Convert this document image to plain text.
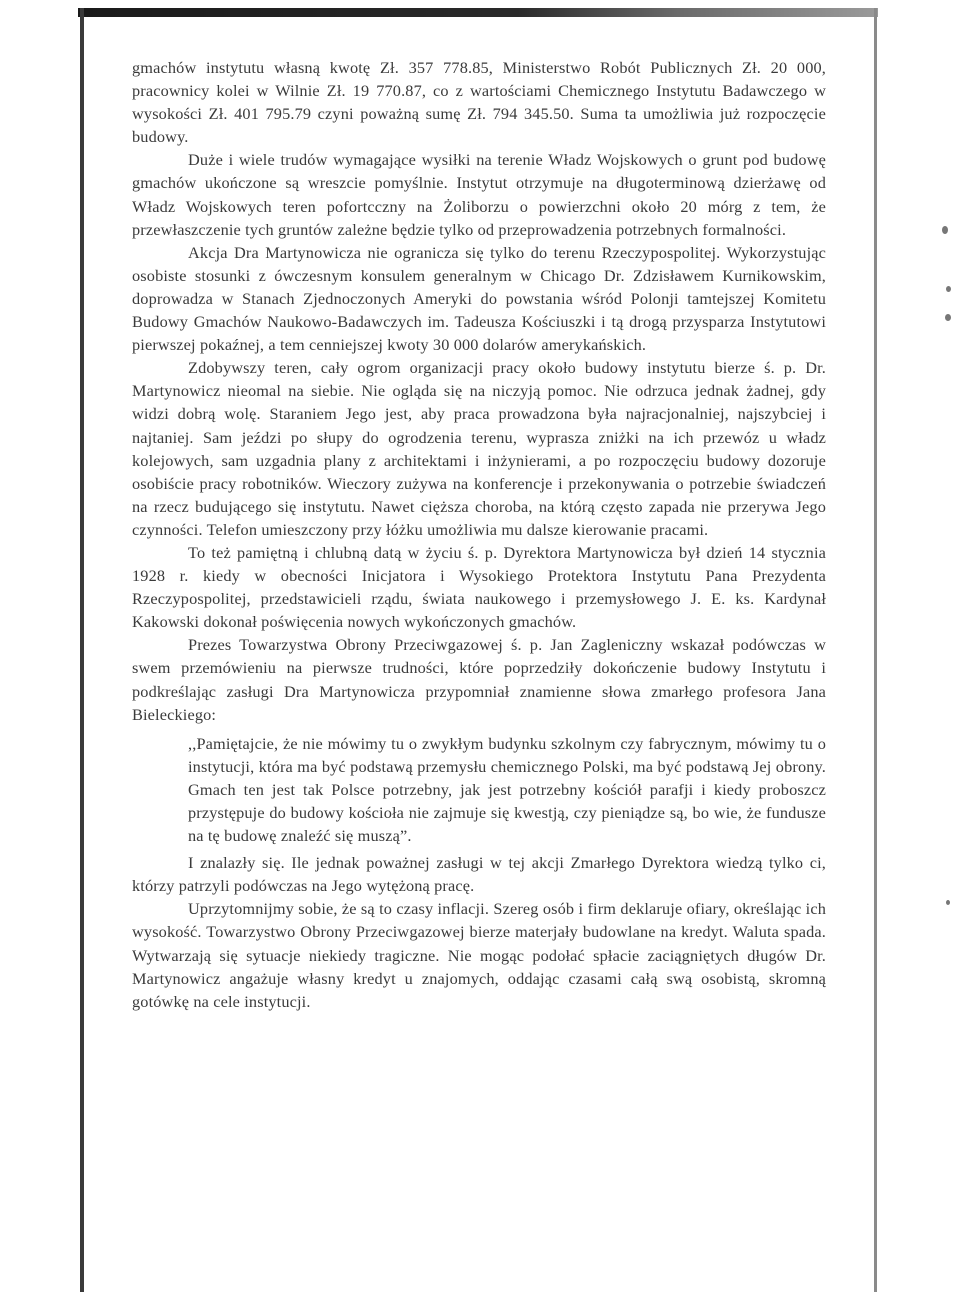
gmachów instytutu własną kwotę Zł. 357 778.85, Ministerstwo Robót Publicznych Zł. 20 000, pracownicy kolei w Wilnie Zł. 19 770.87, co z wartościami Chemicznego Instytutu Badawczego w wysokości Zł. 401 795.79 czyni poważną sumę Zł. 794 345.50. Suma ta umożliwia już rozpoczęcie budowy.

Duże i wiele trudów wymagające wysiłki na terenie Władz Wojskowych o grunt pod budowę gmachów ukończone są wreszcie pomyślnie. Instytut otrzymuje na długoterminową dzierżawę od Władz Wojskowych teren pofortcczny na Żoliborzu o powierzchni około 20 mórg z tem, że przewłaszczenie tych gruntów zależne będzie tylko od przeprowadzenia potrzebnych formalności.

Akcja Dra Martynowicza nie ogranicza się tylko do terenu Rzeczypospolitej. Wykorzystując osobiste stosunki z ówczesnym konsulem generalnym w Chicago Dr. Zdzisławem Kurnikowskim, doprowadza w Stanach Zjednoczonych Ameryki do powstania wśród Polonji tamtejszej Komitetu Budowy Gmachów Naukowo-Badawczych im. Tadeusza Kościuszki i tą drogą przysparza Instytutowi pierwszej pokaźnej, a tem cenniejszej kwoty 30 000 dolarów amerykańskich.

Zdobywszy teren, cały ogrom organizacji pracy około budowy instytutu bierze ś. p. Dr. Martynowicz nieomal na siebie. Nie ogląda się na niczyją pomoc. Nie odrzuca jednak żadnej, gdy widzi dobrą wolę. Staraniem Jego jest, aby praca prowadzona była najracjonalniej, najszybciej i najtaniej. Sam jeździ po słupy do ogrodzenia terenu, wyprasza zniżki na ich przewóz u władz kolejowych, sam uzgadnia plany z architektami i inżynierami, a po rozpoczęciu budowy dozoruje osobiście pracy robotników. Wieczory zużywa na konferencje i przekonywania o potrzebie świadczeń na rzecz budującego się instytutu. Nawet cięższa choroba, na którą często zapada nie przerywa Jego czynności. Telefon umieszczony przy łóżku umożliwia mu dalsze kierowanie pracami.

To też pamiętną i chlubną datą w życiu ś. p. Dyrektora Martynowicza był dzień 14 stycznia 1928 r. kiedy w obecności Inicjatora i Wysokiego Protektora Instytutu Pana Prezydenta Rzeczypospolitej, przedstawicieli rządu, świata naukowego i przemysłowego J. E. ks. Kardynał Kakowski dokonał poświęcenia nowych wykończonych gmachów.

Prezes Towarzystwa Obrony Przeciwgazowej ś. p. Jan Zagleniczny wskazał podówczas w swem przemówieniu na pierwsze trudności, które poprzedziły dokończenie budowy Instytutu i podkreślając zasługi Dra Martynowicza przypomniał znamienne słowa zmarłego profesora Jana Bieleckiego:

,,Pamiętajcie, że nie mówimy tu o zwykłym budynku szkolnym czy fabrycznym, mówimy tu o instytucji, która ma być podstawą przemysłu chemicznego Polski, ma być podstawą Jej obrony. Gmach ten jest tak Polsce potrzebny, jak jest potrzebny kościół parafji i kiedy proboszcz przystępuje do budowy kościoła nie zajmuje się kwestją, czy pieniądze są, bo wie, że fundusze na tę budowę znaleźć się muszą”.

I znalazły się. Ile jednak poważnej zasługi w tej akcji Zmarłego Dyrektora wiedzą tylko ci, którzy patrzyli podówczas na Jego wytężoną pracę.

Uprzytomnijmy sobie, że są to czasy inflacji. Szereg osób i firm deklaruje ofiary, określając ich wysokość. Towarzystwo Obrony Przeciwgazowej bierze materjały budowlane na kredyt. Waluta spada. Wytwarzają się sytuacje niekiedy tragiczne. Nie mogąc podołać spłacie zaciągniętych długów Dr. Martynowicz angażuje własny kredyt u znajomych, oddając czasami całą swą osobistą, skromną gotówkę na cele instytucji.
